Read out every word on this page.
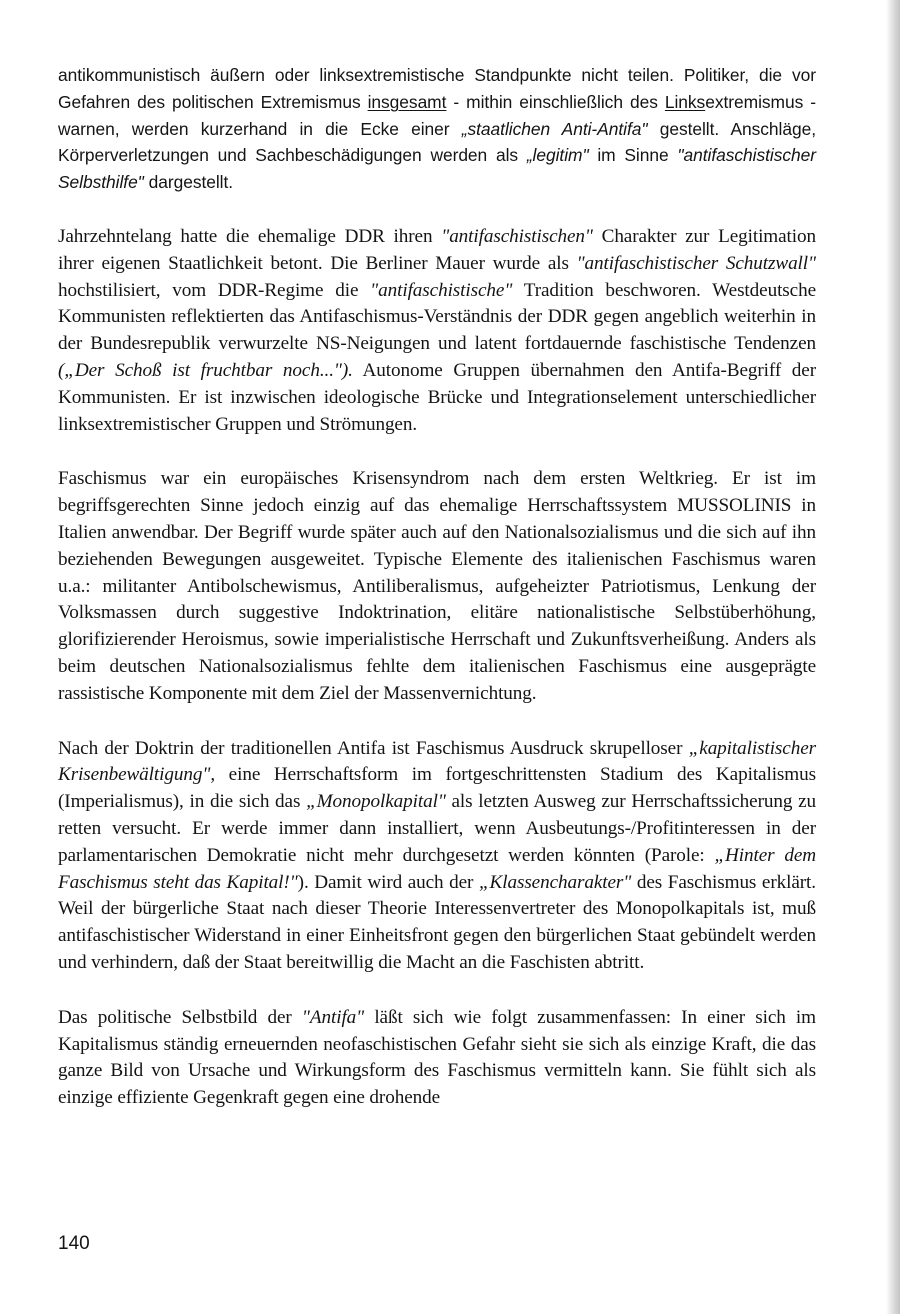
antikommunistisch äußern oder linksextremistische Standpunkte nicht teilen. Politiker, die vor Gefahren des politischen Extremismus insgesamt - mithin einschließlich des Linksextremismus - warnen, werden kurzerhand in die Ecke einer „staatlichen Anti-Antifa" gestellt. Anschläge, Körperverletzungen und Sachbeschädigungen werden als „legitim" im Sinne "antifaschistischer Selbsthilfe" dargestellt.

Jahrzehntelang hatte die ehemalige DDR ihren "antifaschistischen" Charakter zur Legitimation ihrer eigenen Staatlichkeit betont. Die Berliner Mauer wurde als "antifaschistischer Schutzwall" hochstilisiert, vom DDR-Regime die "antifaschistische" Tradition beschworen. Westdeutsche Kommunisten reflektierten das Antifaschismus-Verständnis der DDR gegen angeblich weiterhin in der Bundesrepublik verwurzelte NS-Neigungen und latent fortdauernde faschistische Tendenzen („Der Schoß ist fruchtbar noch..."). Autonome Gruppen übernahmen den Antifa-Begriff der Kommunisten. Er ist inzwischen ideologische Brücke und Integrationselement unterschiedlicher linksextremistischer Gruppen und Strömungen.

Faschismus war ein europäisches Krisensyndrom nach dem ersten Weltkrieg. Er ist im begriffsgerechten Sinne jedoch einzig auf das ehemalige Herrschaftssystem MUSSOLINIS in Italien anwendbar. Der Begriff wurde später auch auf den Nationalsozialismus und die sich auf ihn beziehenden Bewegungen ausgeweitet. Typische Elemente des italienischen Faschismus waren u.a.: militanter Antibolschewismus, Antiliberalismus, aufgeheizter Patriotismus, Lenkung der Volksmassen durch suggestive Indoktrination, elitäre nationalistische Selbstüberhöhung, glorifizierender Heroismus, sowie imperialistische Herrschaft und Zukunftsverheißung. Anders als beim deutschen Nationalsozialismus fehlte dem italienischen Faschismus eine ausgeprägte rassistische Komponente mit dem Ziel der Massenvernichtung.

Nach der Doktrin der traditionellen Antifa ist Faschismus Ausdruck skrupelloser „kapitalistischer Krisenbewältigung", eine Herrschaftsform im fortgeschrittensten Stadium des Kapitalismus (Imperialismus), in die sich das „Monopolkapital" als letzten Ausweg zur Herrschaftssicherung zu retten versucht. Er werde immer dann installiert, wenn Ausbeutungs-/Profitinteressen in der parlamentarischen Demokratie nicht mehr durchgesetzt werden könnten (Parole: „Hinter dem Faschismus steht das Kapital!"). Damit wird auch der „Klassencharakter" des Faschismus erklärt. Weil der bürgerliche Staat nach dieser Theorie Interessenvertreter des Monopolkapitals ist, muß antifaschistischer Widerstand in einer Einheitsfront gegen den bürgerlichen Staat gebündelt werden und verhindern, daß der Staat bereitwillig die Macht an die Faschisten abtritt.

Das politische Selbstbild der "Antifa" läßt sich wie folgt zusammenfassen: In einer sich im Kapitalismus ständig erneuernden neofaschistischen Gefahr sieht sie sich als einzige Kraft, die das ganze Bild von Ursache und Wirkungsform des Faschismus vermitteln kann. Sie fühlt sich als einzige effiziente Gegenkraft gegen eine drohende

140
